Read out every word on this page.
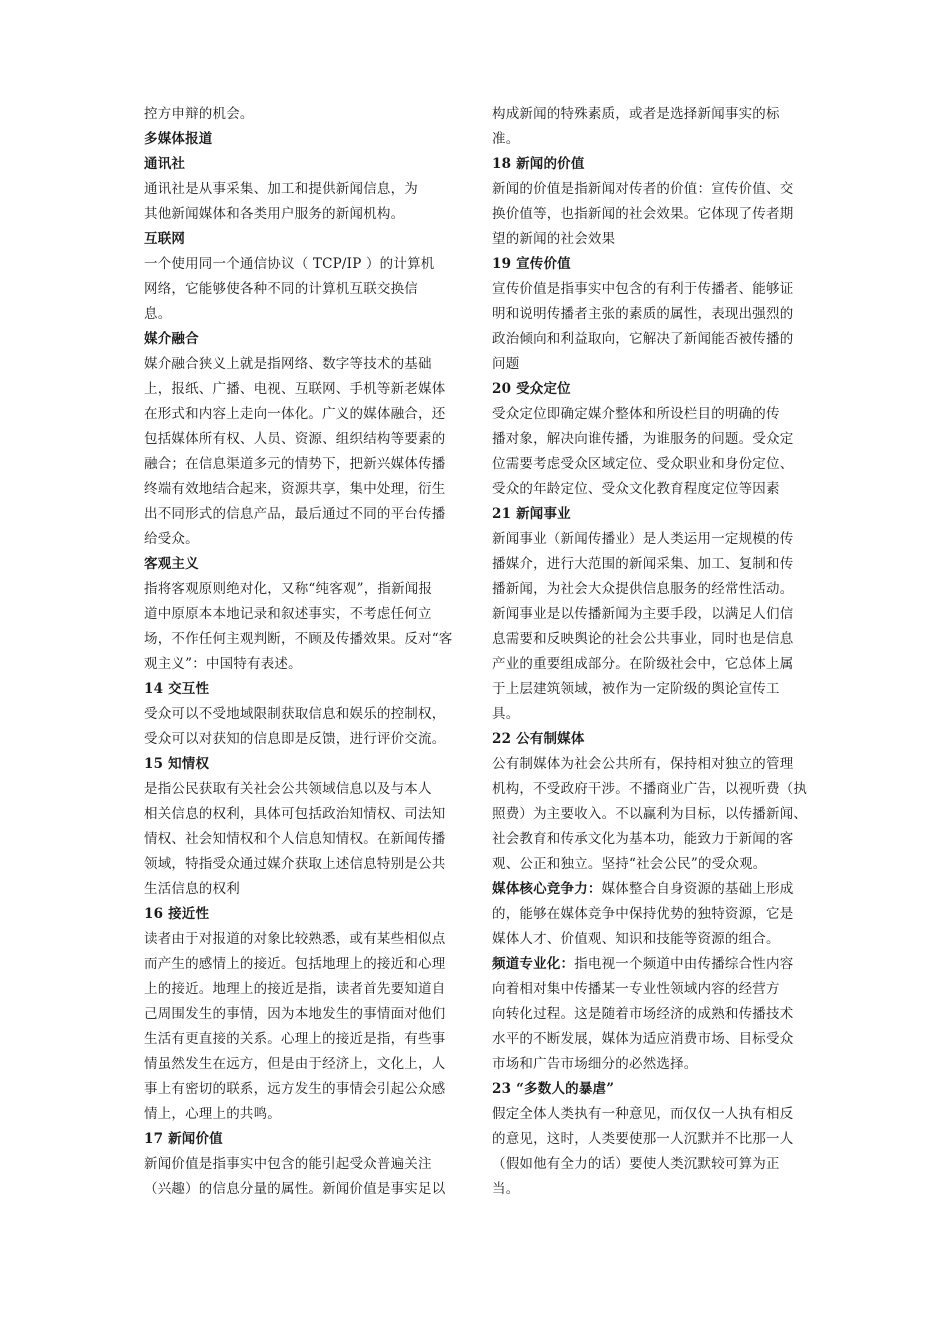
控方申辩的机会。
多媒体报道
通讯社
通讯社是从事采集、加工和提供新闻信息，为
其他新闻媒体和各类用户服务的新闻机构。
互联网
一个使用同一个通信协议（ TCP/IP ）的计算机
网络，它能够使各种不同的计算机互联交换信
息。
媒介融合
媒介融合狭义上就是指网络、数字等技术的基础
上，报纸、广播、电视、互联网、手机等新老媒体
在形式和内容上走向一体化。广义的媒体融合，还
包括媒体所有权、人员、资源、组织结构等要素的
融合；在信息渠道多元的情势下，把新兴媒体传播
终端有效地结合起来，资源共享，集中处理，衍生
出不同形式的信息产品，最后通过不同的平台传播
给受众。
客观主义
指将客观原则绝对化，又称“纯客观”，指新闻报
道中原原本本地记录和叙述事实，不考虑任何立
场，不作任何主观判断，不顾及传播效果。反对“客
观主义”：中国特有表述。
14 交互性
受众可以不受地域限制获取信息和娱乐的控制权，
受众可以对获知的信息即是反馈，进行评价交流。
15 知情权
是指公民获取有关社会公共领域信息以及与本人
相关信息的权利，具体可包括政治知情权、司法知
情权、社会知情权和个人信息知情权。在新闻传播
领域，特指受众通过媒介获取上述信息特别是公共
生活信息的权利
16 接近性
读者由于对报道的对象比较熟悉，或有某些相似点
而产生的感情上的接近。包括地理上的接近和心理
上的接近。地理上的接近是指，读者首先要知道自
己周围发生的事情，因为本地发生的事情面对他们
生活有更直接的关系。心理上的接近是指，有些事
情虽然发生在远方，但是由于经济上，文化上，人
事上有密切的联系，远方发生的事情会引起公众感
情上，心理上的共鸣。
17 新闻价值
新闻价值是指事实中包含的能引起受众普遍关注
（兴趣）的信息分量的属性。新闻价值是事实足以
构成新闻的特殊素质，或者是选择新闻事实的标
准。
18 新闻的价值
新闻的价值是指新闻对传者的价值：宣传价值、交
换价值等，也指新闻的社会效果。它体现了传者期
望的新闻的社会效果
19 宣传价值
宣传价值是指事实中包含的有利于传播者、能够证
明和说明传播者主张的素质的属性，表现出强烈的
政治倾向和利益取向，它解决了新闻能否被传播的
问题
20 受众定位
受众定位即确定媒介整体和所设栏目的明确的传
播对象，解决向谁传播，为谁服务的问题。受众定
位需要考虑受众区域定位、受众职业和身份定位、
受众的年龄定位、受众文化教育程度定位等因素
21 新闻事业
新闻事业（新闻传播业）是人类运用一定规模的传
播媒介，进行大范围的新闻采集、加工、复制和传
播新闻，为社会大众提供信息服务的经常性活动。
新闻事业是以传播新闻为主要手段，以满足人们信
息需要和反映舆论的社会公共事业，同时也是信息
产业的重要组成部分。在阶级社会中，它总体上属
于上层建筑领域，被作为一定阶级的舆论宣传工
具。
22 公有制媒体
公有制媒体为社会公共所有，保持相对独立的管理
机构，不受政府干涉。不播商业广告，以视听费（执
照费）为主要收入。不以赢利为目标，以传播新闻、
社会教育和传承文化为基本功，能致力于新闻的客
观、公正和独立。坚持“社会公民”的受众观。
媒体核心竞争力：媒体整合自身资源的基础上形成
的，能够在媒体竞争中保持优势的独特资源，它是
媒体人才、价值观、知识和技能等资源的组合。
频道专业化：指电视一个频道中由传播综合性内容
向着相对集中传播某一专业性领域内容的经营方
向转化过程。这是随着市场经济的成熟和传播技术
水平的不断发展，媒体为适应消费市场、目标受众
市场和广告市场细分的必然选择。
23 “多数人的暴虐”
假定全体人类执有一种意见，而仅仅一人执有相反
的意见，这时，人类要使那一人沉默并不比那一人
（假如他有全力的话）要使人类沉默较可算为正
当。
